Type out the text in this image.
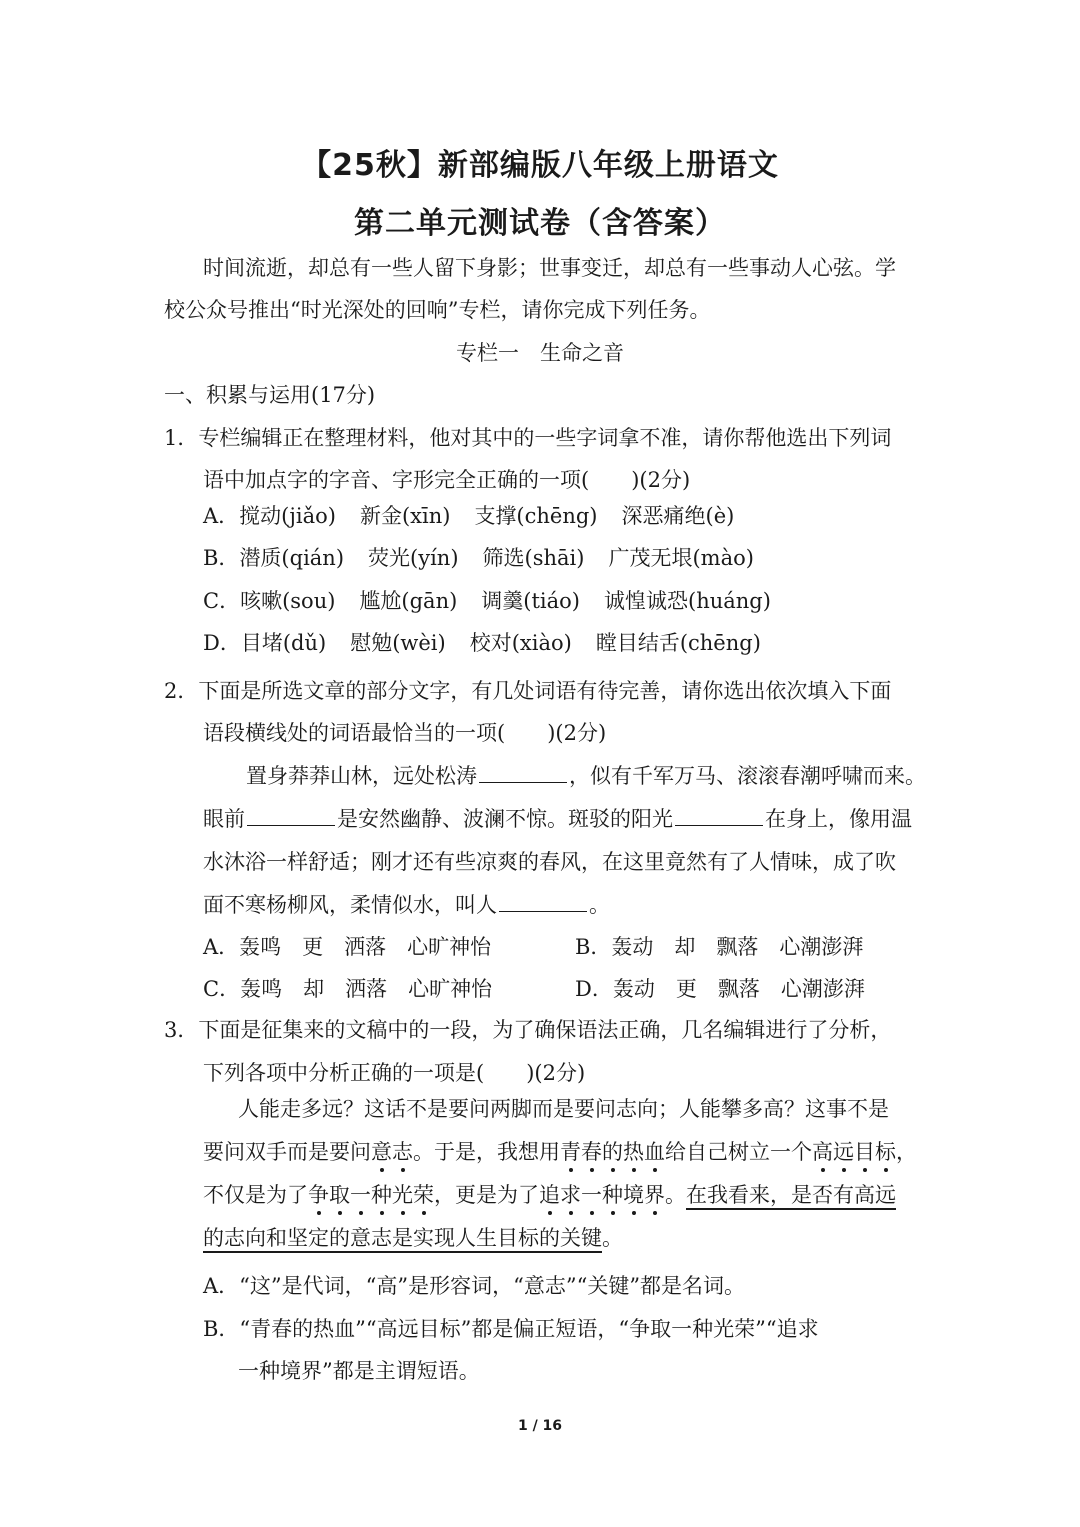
【25秋】新部编版八年级上册语文
第二单元测试卷（含答案）
时间流逝，却总有一些人留下身影；世事变迁，却总有一些事动人心弦。学
校公众号推出“时光深处的回响”专栏，请你完成下列任务。
专栏一　生命之音
一、积累与运用(17分)
1．专栏编辑正在整理材料，他对其中的一些字词拿不准，请你帮他选出下列词
语中加点字的字音、字形完全正确的一项(　　)(2分)
A．搅动(jiǎo) 新金(xīn) 支撑(chēng) 深恶痛绝(è)
B．潜质(qián) 荧光(yín) 筛选(shāi) 广茂无垠(mào)
C．咳嗽(sou) 尴尬(gān) 调羹(tiáo) 诚惶诚恐(huáng)
D．目堵(dǔ) 慰勉(wèi) 校对(xiào) 瞠目结舌(chēng)
2．下面是所选文章的部分文字，有几处词语有待完善，请你选出依次填入下面
语段横线处的词语最恰当的一项(　　)(2分)
置身莽莽山林，远处松涛	，似有千军万马、滚滚春潮呼啸而来。
眼前	是安然幽静、波澜不惊。斑驳的阳光	在身上，像用温
水沐浴一样舒适；刚才还有些凉爽的春风，在这里竟然有了人情味，成了吹
面不寒杨柳风，柔情似水，叫人	。
A．轰鸣　更　洒落　心旷神怡	B．轰动　却　飘落　心潮澎湃
C．轰鸣　却　洒落　心旷神怡	D．轰动　更　飘落　心潮澎湃
3．下面是征集来的文稿中的一段，为了确保语法正确，几名编辑进行了分析，
下列各项中分析正确的一项是(　　)(2分)
人能走多远？这话不是要问两脚而是要问志向；人能攀多高？这事不是
要问双手而是要问意志。于是，我想用青春的热血给自己树立一个高远目标，
不仅是为了争取一种光荣，更是为了追求一种境界。在我看来，是否有高远
的志向和坚定的意志是实现人生目标的关键。
A．“这”是代词，“高”是形容词，“意志”“关键”都是名词。
B．“青春的热血”“高远目标”都是偏正短语，“争取一种光荣”“追求
一种境界”都是主谓短语。
1 / 16
